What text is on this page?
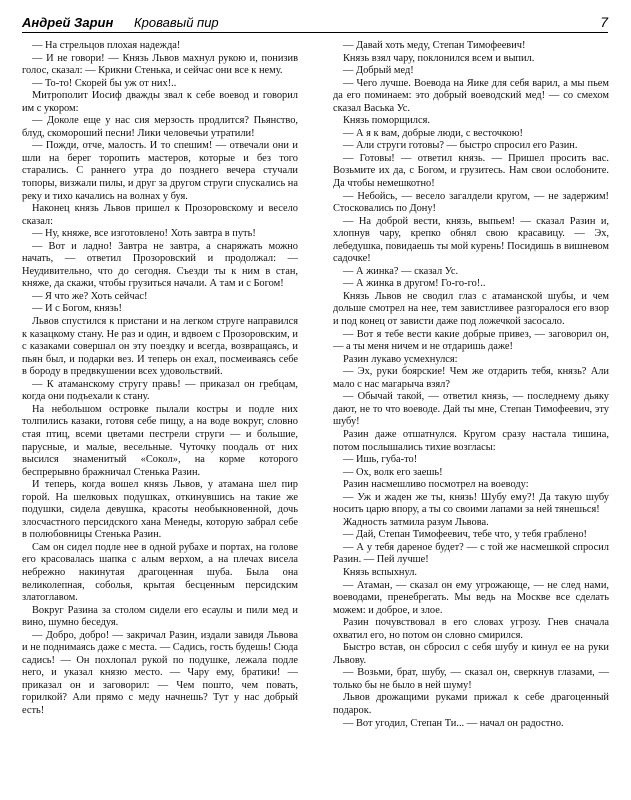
Андрей Зарин Кровавый пир	7

— На стрельцов плохая надежда!

— И не говори! — Князь Львов махнул рукою и, понизив голос, сказал: — Крикни Стенька, и сейчас они все к нему.

— То-то! Скорей бы уж от них!..

Митрополит Иосиф дважды звал к себе воевод и говорил им с укором:

— Доколе еще у нас сия мерзость продлится? Пьянство, блуд, скомороший песни! Лики человечьи утратили!

— Пожди, отче, малость. И то спешим! — отвечали они и шли на берег торопить мастеров, которые и без того старались. С раннего утра до позднего вечера стучали топоры, визжали пилы, и друг за другом струги спускались на реку и тихо качались на волнах у буя.

Наконец князь Львов пришел к Прозоровскому и весело сказал:

— Ну, княже, все изготовлено! Хоть завтра в путь!

— Вот и ладно! Завтра не завтра, а снаряжать можно начать, — ответил Прозоровский и продолжал: — Неудивительно, что до сегодня. Съезди ты к ним в стан, княже, да скажи, чтобы грузиться начали. А там и с Богом!

— Я что же? Хоть сейчас!

— И с Богом, князь!

Львов спустился к пристани и на легком струге направился к казацкому стану. Не раз и один, и вдвоем с Прозоровским, и с казаками совершал он эту поездку и всегда, возвращаясь, и пьян был, и подарки вез. И теперь он ехал, посмеиваясь себе в бороду в предвкушении всех удовольствий.

— К атаманскому стругу правь! — приказал он гребцам, когда они подъехали к стану.

На небольшом островке пылали костры и подле них толпились казаки, готовя себе пищу, а на воде вокруг, словно стая птиц, всеми цветами пестрели струги — и большие, парусные, и малые, весельные. Чуточку поодаль от них высился знаменитый «Сокол», на корме которого беспрерывно бражничал Стенька Разин.

И теперь, когда вошел князь Львов, у атамана шел пир горой. На шелковых подушках, откинувшись на такие же подушки, сидела девушка, красоты необыкновенной, дочь злосчастного персидского хана Менеды, которую забрал себе в полюбовницы Стенька Разин.

Сам он сидел подле нее в одной рубахе и портах, на голове его красовалась шапка с алым верхом, а на плечах висела небрежно накинутая драгоценная шуба. Была она великолепная, соболья, крытая бесценным персидским златоглавом.

Вокруг Разина за столом сидели его есаулы и пили мед и вино, шумно беседуя.

— Добро, добро! — закричал Разин, издали завидя Львова и не поднимаясь даже с места. — Садись, гость будешь! Сюда садись! — Он похлопал рукой по подушке, лежала подле него, и указал князю место. — Чару ему, братики! — приказал он и заговорил: — Чем пошто, чем повать, горилкой? Али прямо с меду начнешь? Тут у нас добрый есть!

— Давай хоть меду, Степан Тимофеевич!

Князь взял чару, поклонился всем и выпил.

— Добрый мед!

— Чего лучше. Воевода на Яике для себя варил, а мы пьем да его поминаем: это добрый воеводский мед! — со смехом сказал Васька Ус.

Князь поморщился.

— А я к вам, добрые люди, с весточкою!

— Али струги готовы? — быстро спросил его Разин.

— Готовы! — ответил князь. — Пришел просить вас. Возьмите их да, с Богом, и грузитесь. Нам свои ослобоните. Да чтобы немешкотно!

— Небойсь, — весело загалдели кругом, — не задержим! Стосковались по Дону!

— На доброй вести, князь, выпьем! — сказал Разин и, хлопнув чару, крепко обнял свою красавицу. — Эх, лебедушка, повидаешь ты мой курень! Посидишь в вишневом садочке!

— А жинка? — сказал Ус.

— А жинка в другом! Го-го-го!..

Князь Львов не сводил глаз с атаманской шубы, и чем дольше смотрел на нее, тем завистливее разгоралося его взор и под конец от зависти даже под ложечкой засосало.

— Вот я тебе вести какие добрые привез, — заговорил он, — а ты меня ничем и не отдаришь даже!

Разин лукаво усмехнулся:

— Эх, руки боярские! Чем же отдарить тебя, князь? Али мало с нас магарыча взял?

— Обычай такой, — ответил князь, — последнему дьяку дают, не то что воеводе. Дай ты мне, Степан Тимофеевич, эту шубу!

Разин даже отшатнулся. Кругом сразу настала тишина, потом послышались тихие возгласы:

— Ишь, губа-то!

— Ох, волк его заешь!

Разин насмешливо посмотрел на воеводу:

— Уж и жаден же ты, князь! Шубу ему?! Да такую шубу носить царю впору, а ты со своими лапами за ней тянешься!

Жадность затмила разум Львова.

— Дай, Степан Тимофеевич, тебе что, у тебя граблено!

— А у тебя дареное будет? — с той же насмешкой спросил Разин. — Пей лучше!

Князь вспыхнул.

— Атаман, — сказал он ему угрожающе, — не след нами, воеводами, пренебрегать. Мы ведь на Москве все сделать можем: и доброе, и злое.

Разин почувствовал в его словах угрозу. Гнев сначала охватил его, но потом он словно смирился.

Быстро встав, он сбросил с себя шубу и кинул ее на руки Львову.

— Возьми, брат, шубу, — сказал он, сверкнув глазами, — только бы не было в ней шуму!

Львов дрожащими руками прижал к себе драгоценный подарок.

— Вот угодил, Степан Ти... — начал он радостно.
